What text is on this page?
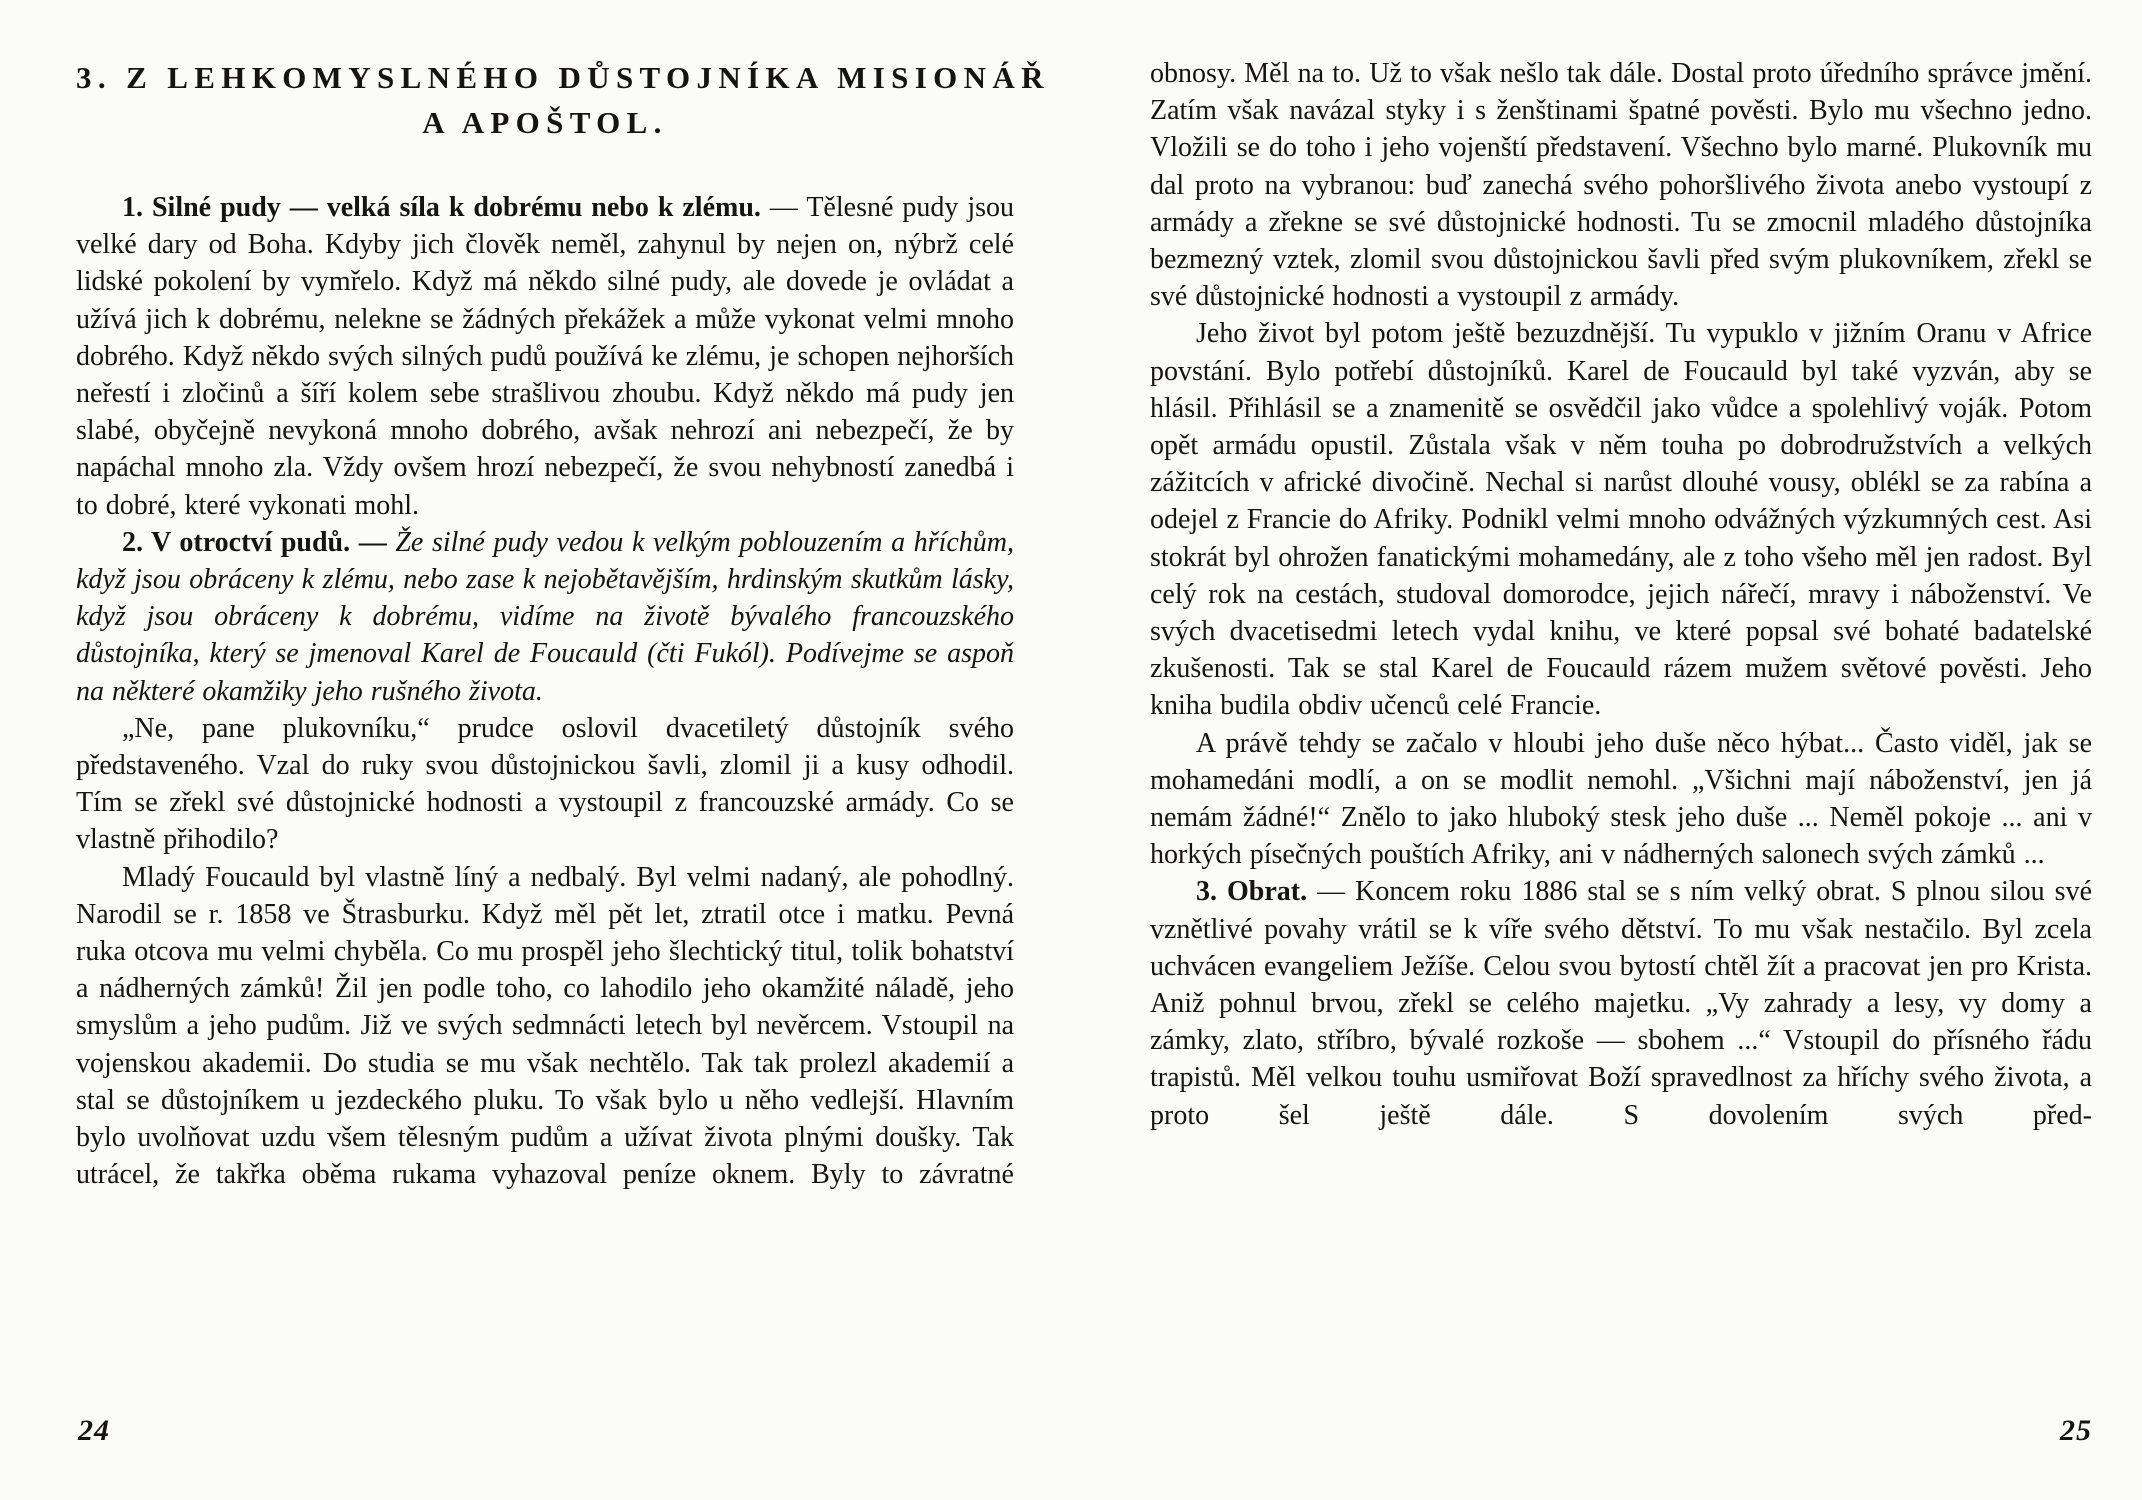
3. Z LEHKOMYSLNÉHO DŮSTOJNÍKA MISIONÁŘ
A APOŠTOL.

1. Silné pudy — velká síla k dobrému nebo k zlému. — Tělesné pudy jsou velké dary od Boha. Kdyby jich člověk neměl, zahynul by nejen on, nýbrž celé lidské pokolení by vymřelo. Když má někdo silné pudy, ale dovede je ovládat a užívá jich k dobrému, nelekne se žádných překážek a může vykonat velmi mnoho dobrého. Když někdo svých silných pudů používá ke zlému, je schopen nejhorších neřestí i zločinů a šíří kolem sebe strašlivou zhoubu. Když někdo má pudy jen slabé, obyčejně nevykoná mnoho dobrého, avšak nehrozí ani nebezpečí, že by napáchal mnoho zla. Vždy ovšem hrozí nebezpečí, že svou nehybností zanedbá i to dobré, které vykonati mohl.

2. V otroctví pudů. — Že silné pudy vedou k velkým poblouzením a hříchům, když jsou obráceny k zlému, nebo zase k nejobětavějším, hrdinským skutkům lásky, když jsou obráceny k dobrému, vidíme na životě bývalého francouzského důstojníka, který se jmenoval Karel de Foucauld (čti Fukól). Podívejme se aspoň na některé okamžiky jeho rušného života.

„Ne, pane plukovníku,“ prudce oslovil dvacetiletý důstojník svého představeného. Vzal do ruky svou důstojnickou šavli, zlomil ji a kusy odhodil. Tím se zřekl své důstojnické hodnosti a vystoupil z francouzské armády. Co se vlastně přihodilo?

Mladý Foucauld byl vlastně líný a nedbalý. Byl velmi nadaný, ale pohodlný. Narodil se r. 1858 ve Štrasburku. Když měl pět let, ztratil otce i matku. Pevná ruka otcova mu velmi chyběla. Co mu prospěl jeho šlechtický titul, tolik bohatství a nádherných zámků! Žil jen podle toho, co lahodilo jeho okamžité náladě, jeho smyslům a jeho pudům. Již ve svých sedmnácti letech byl nevěrcem. Vstoupil na vojenskou akademii. Do studia se mu však nechtělo. Tak tak prolezl akademií a stal se důstojníkem u jezdeckého pluku. To však bylo u něho vedlejší. Hlavním bylo uvolňovat uzdu všem tělesným pudům a užívat života plnými doušky. Tak utrácel, že takřka oběma rukama vyhazoval peníze oknem. Byly to závratné

obnosy. Měl na to. Už to však nešlo tak dále. Dostal proto úředního správce jmění. Zatím však navázal styky i s ženštinami špatné pověsti. Bylo mu všechno jedno. Vložili se do toho i jeho vojenští představení. Všechno bylo marné. Plukovník mu dal proto na vybranou: buď zanechá svého pohoršlivého života anebo vystoupí z armády a zřekne se své důstojnické hodnosti. Tu se zmocnil mladého důstojníka bezmezný vztek, zlomil svou důstojnickou šavli před svým plukovníkem, zřekl se své důstojnické hodnosti a vystoupil z armády.

Jeho život byl potom ještě bezuzdnější. Tu vypuklo v jižním Oranu v Africe povstání. Bylo potřebí důstojníků. Karel de Foucauld byl také vyzván, aby se hlásil. Přihlásil se a znamenitě se osvědčil jako vůdce a spolehlivý voják. Potom opět armádu opustil. Zůstala však v něm touha po dobrodružstvích a velkých zážitcích v africké divočině. Nechal si narůst dlouhé vousy, oblékl se za rabína a odejel z Francie do Afriky. Podnikl velmi mnoho odvážných výzkumných cest. Asi stokrát byl ohrožen fanatickými mohamedány, ale z toho všeho měl jen radost. Byl celý rok na cestách, studoval domorodce, jejich nářečí, mravy i náboženství. Ve svých dvacetisedmi letech vydal knihu, ve které popsal své bohaté badatelské zkušenosti. Tak se stal Karel de Foucauld rázem mužem světové pověsti. Jeho kniha budila obdiv učenců celé Francie.

A právě tehdy se začalo v hloubi jeho duše něco hýbat... Často viděl, jak se mohamedáni modlí, a on se modlit nemohl. „Všichni mají náboženství, jen já nemám žádné!“ Znělo to jako hluboký stesk jeho duše ... Neměl pokoje ... ani v horkých písečných pouštích Afriky, ani v nádherných salonech svých zámků ...

3. Obrat. — Koncem roku 1886 stal se s ním velký obrat. S plnou silou své vznětlivé povahy vrátil se k víře svého dětství. To mu však nestačilo. Byl zcela uchvácen evangeliem Ježíše. Celou svou bytostí chtěl žít a pracovat jen pro Krista. Aniž pohnul brvou, zřekl se celého majetku. „Vy zahrady a lesy, vy domy a zámky, zlato, stříbro, bývalé rozkoše — sbohem ...“ Vstoupil do přísného řádu trapistů. Měl velkou touhu usmiřovat Boží spravedlnost za hříchy svého života, a proto šel ještě dále. S dovolením svých před-

24	25
